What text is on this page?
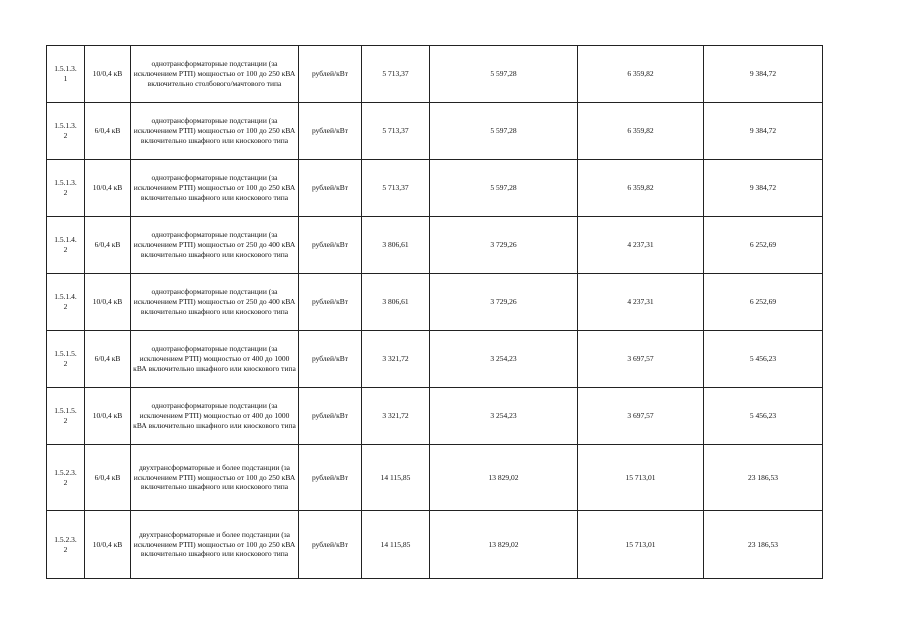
1.5.1.3.
1	10/0,4 кВ	однотрансформаторные подстанции (за исключением РТП) мощностью от 100 до 250 кВА включительно столбового/мачтового типа	рублей/кВт	5 713,37	5 597,28	6 359,82	9 384,72
1.5.1.3.
2	6/0,4 кВ	однотрансформаторные подстанции (за исключением РТП) мощностью от 100 до 250 кВА включительно шкафного или киоскового типа	рублей/кВт	5 713,37	5 597,28	6 359,82	9 384,72
1.5.1.3.
2	10/0,4 кВ	однотрансформаторные подстанции (за исключением РТП) мощностью от 100 до 250 кВА включительно шкафного или киоскового типа	рублей/кВт	5 713,37	5 597,28	6 359,82	9 384,72
1.5.1.4.
2	6/0,4 кВ	однотрансформаторные подстанции (за исключением РТП) мощностью от 250 до 400 кВА включительно шкафного или киоскового типа	рублей/кВт	3 806,61	3 729,26	4 237,31	6 252,69
1.5.1.4.
2	10/0,4 кВ	однотрансформаторные подстанции (за исключением РТП) мощностью от 250 до 400 кВА включительно шкафного или киоскового типа	рублей/кВт	3 806,61	3 729,26	4 237,31	6 252,69
1.5.1.5.
2	6/0,4 кВ	однотрансформаторные подстанции (за исключением РТП) мощностью от 400 до 1000 кВА включительно шкафного или киоскового типа	рублей/кВт	3 321,72	3 254,23	3 697,57	5 456,23
1.5.1.5.
2	10/0,4 кВ	однотрансформаторные подстанции (за исключением РТП) мощностью от 400 до 1000 кВА включительно шкафного или киоскового типа	рублей/кВт	3 321,72	3 254,23	3 697,57	5 456,23
1.5.2.3.
2	6/0,4 кВ	двухтрансформаторные и более подстанции (за исключением РТП) мощностью от 100 до 250 кВА включительно шкафного или киоскового типа	рублей/кВт	14 115,85	13 829,02	15 713,01	23 186,53
1.5.2.3.
2	10/0,4 кВ	двухтрансформаторные и более подстанции (за исключением РТП) мощностью от 100 до 250 кВА включительно шкафного или киоскового типа	рублей/кВт	14 115,85	13 829,02	15 713,01	23 186,53
